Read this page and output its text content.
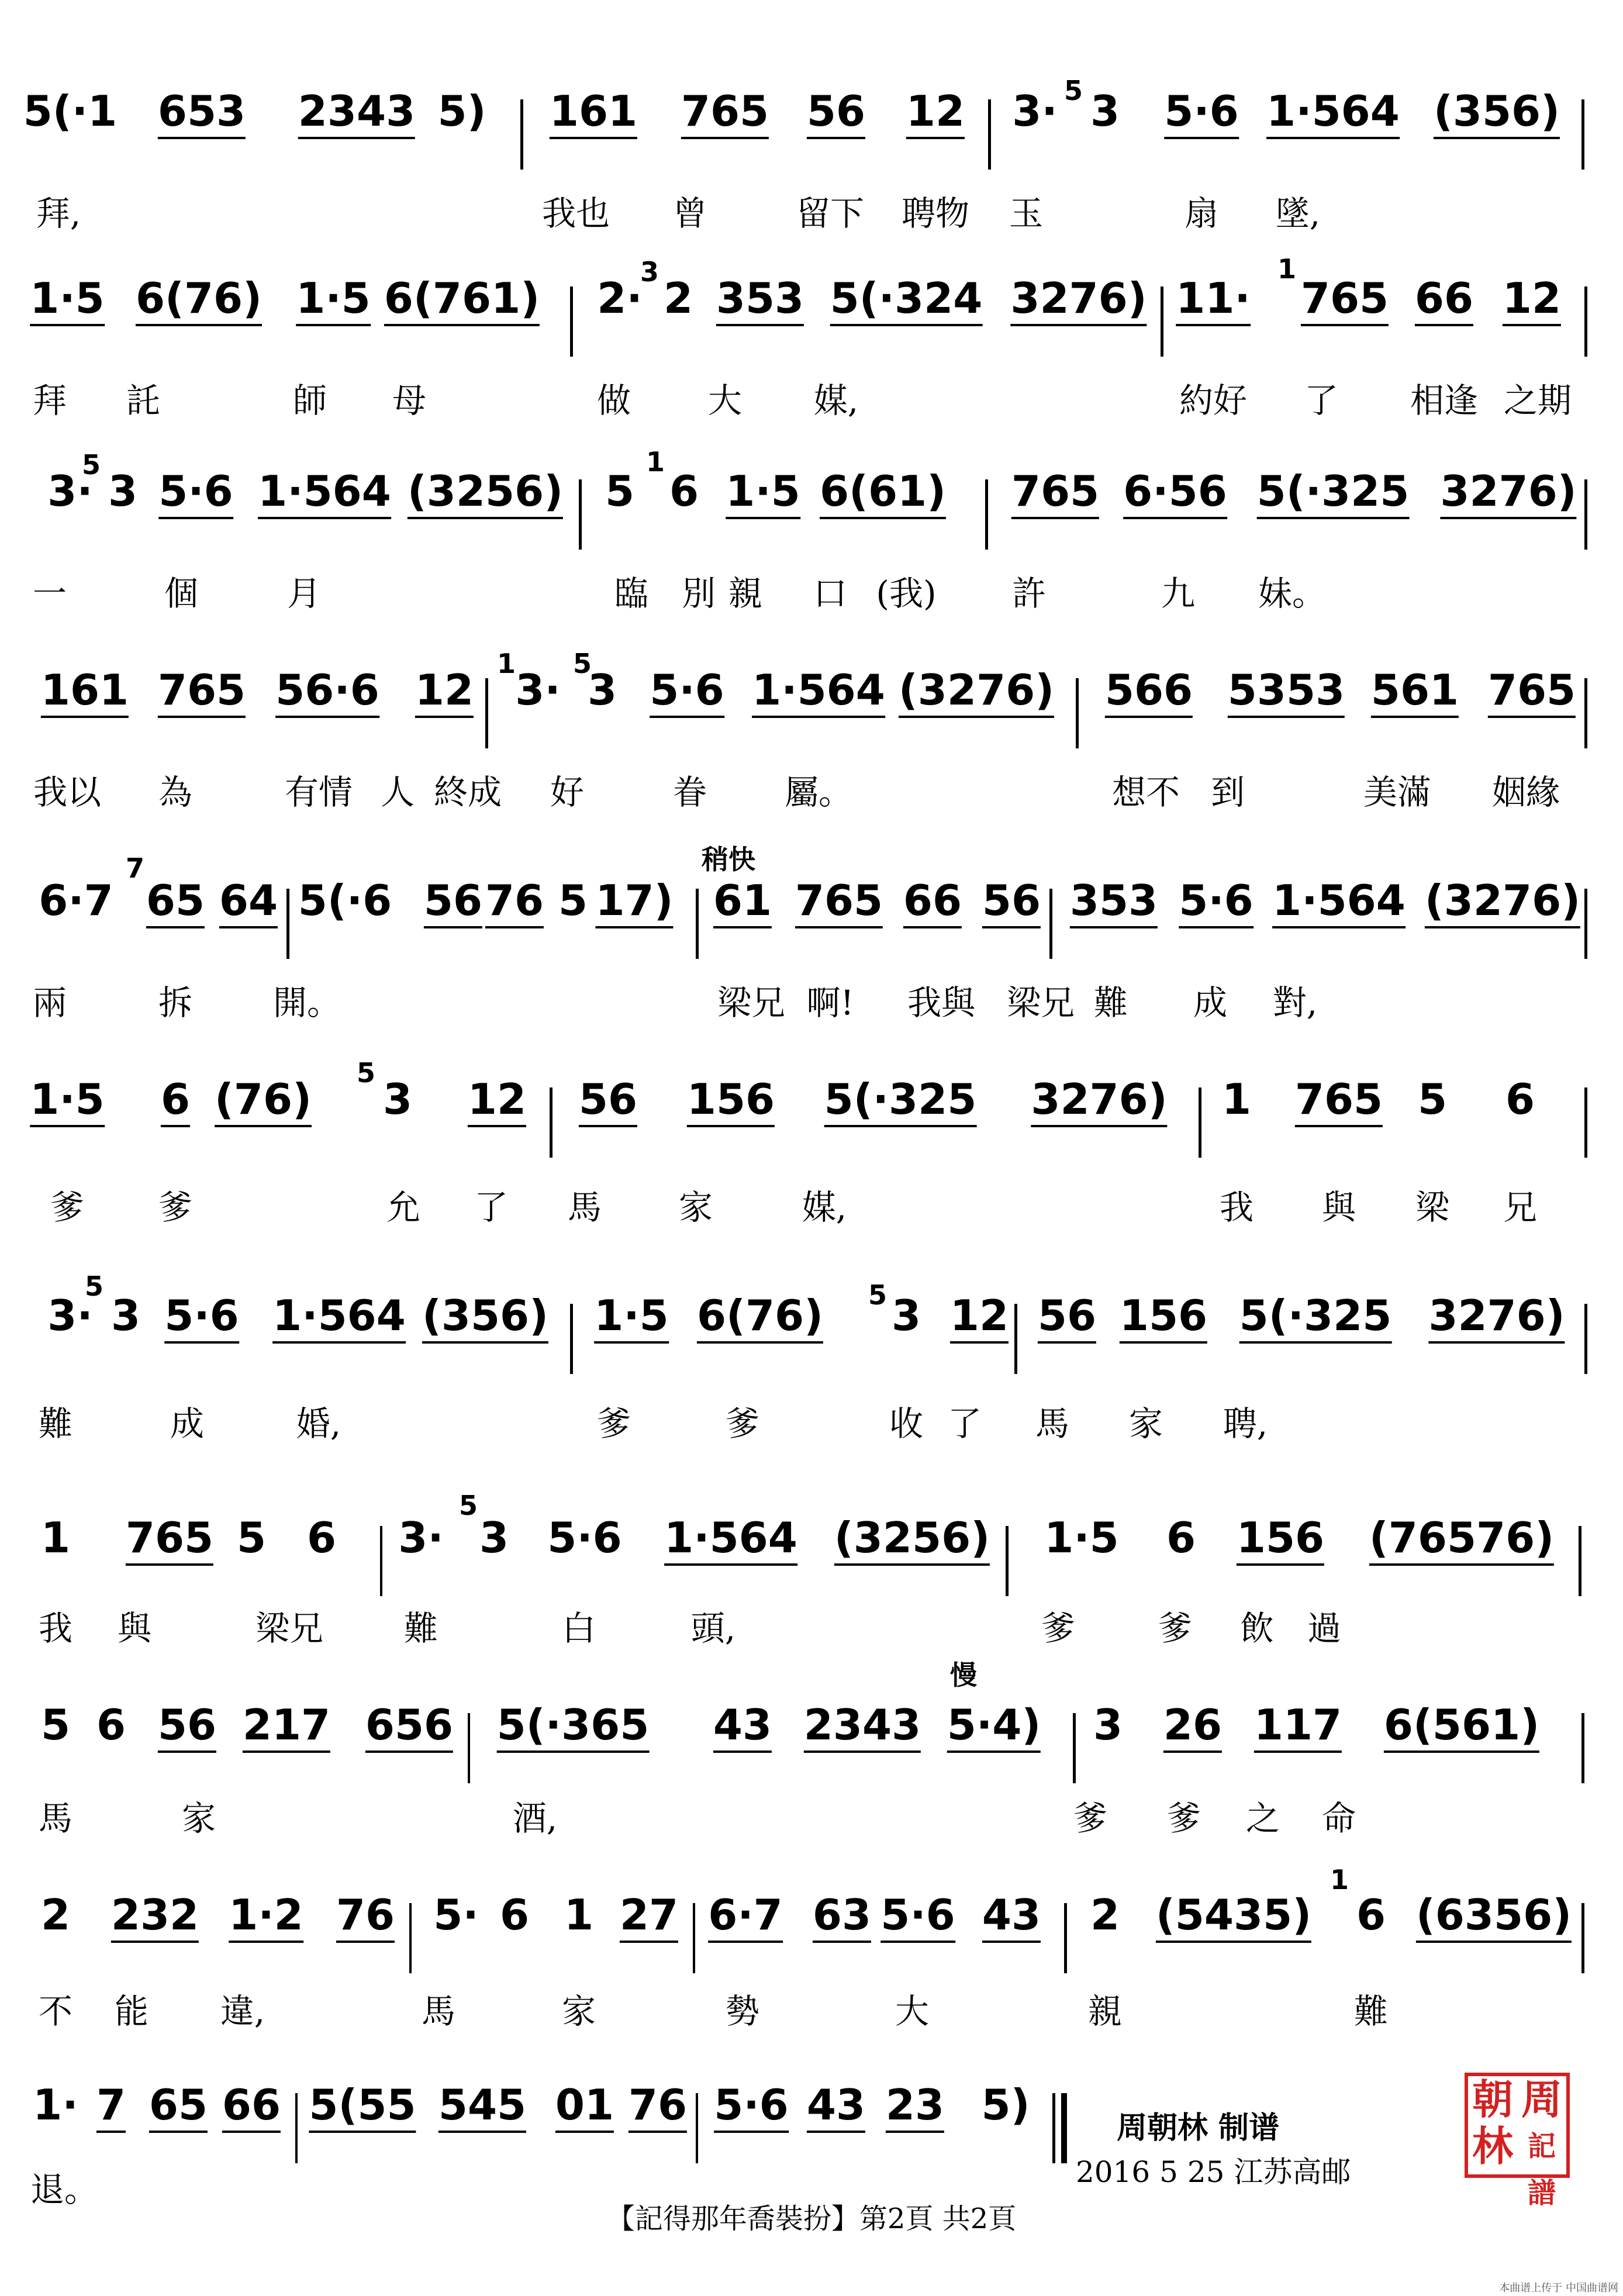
5(·1 653 2343 5) 161 765 56 12	5
3· 3 5·6 1·564 (356)
拜,	我也 曾	留下 聘物 玉	扇 墜,
1·5 6(76) 1·5 6(761)
3
2· 2 353 5(·324 3276) 11·
1
765 66 12
拜 託	師 母	做 大 媒,	約好 了 相逢 之期
5
3· 3 5·6 1·564 (3256) 5
1
6 1·5 6(61) 765 6·56 5(·325 3276)
一	個	月	臨 別 親 口 (我) 許	九 妹。
161 765 56·6 12
1
3·
5
3 5·6 1·564 (3276) 566 5353 561 765
我以 為	有情 人 終成 好	眷 屬。	想不 到	美滿 姻緣
稍快
6·7
7
65 64 5(·6 56 76 5 17) 61 765 66 56 353 5·6 1·564 (3276)
兩	拆 開。	梁兄 啊! 我與 梁兄 難 成 對,
1·5 6 (76)
5
3 12 56 156 5(·325 3276) 1 765 5 6
爹 爹	允 了 馬 家	媒,	我 與 梁 兄
5
3· 3 5·6 1·564 (356) 1·5 6(76) 5 3 12 56 156 5(·325 3276)
難	成	婚,	爹	爹	收 了 馬 家 聘,
1 765 5 6
5
3· 3 5·6 1·564 (3256) 1·5 6 156 (76576)
我 與	梁兄 難	白	頭,	爹 爹 飲 過
慢
5 6 56 217 656 5(·365 43 2343 5·4) 3 26 117 6(561)
馬	家	酒,	爹 爹 之 命
2 232 1·2 76 5· 6 1 27 6·7 63 5·6 43 2 (5435)
1
6 (6356)
不 能 違,	馬	家	勢	大	親	難
1· 7 65 66 5(55 545 01 76 5·6 43 23 5)
退。
周朝林 制谱
2016 5 25 江苏高邮
朝 周
林 記譜
【記得那年喬裝扮】第2頁 共2頁
本曲谱上传于 中国曲谱网
